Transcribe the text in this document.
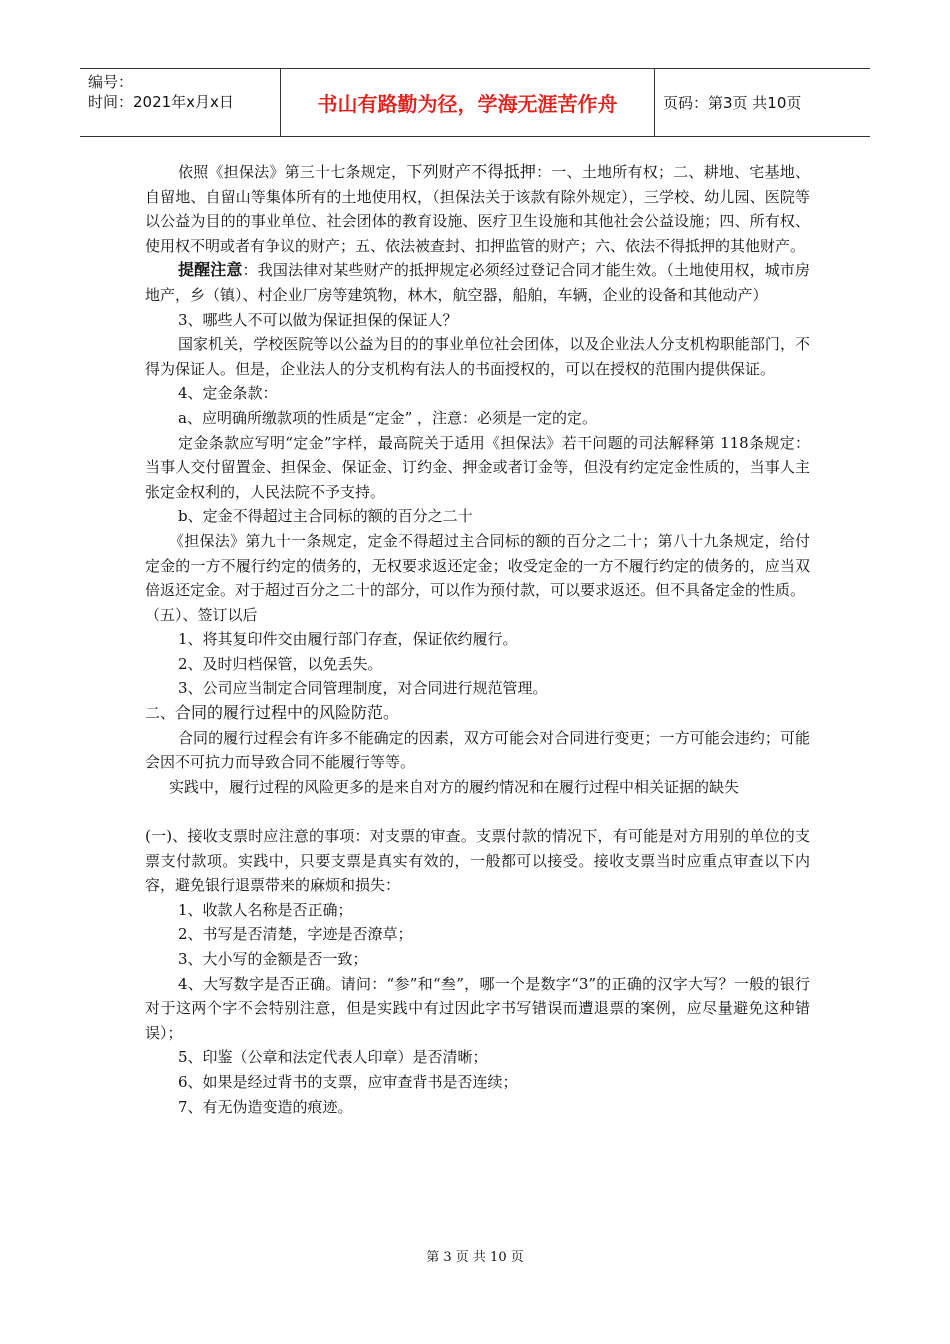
编号：
时间：2021年x月x日	书山有路勤为径，学海无涯苦作舟	页码：第3页 共10页

依照《担保法》第三十七条规定，下列财产不得抵押：一、土地所有权；二、耕地、宅基地、自留地、自留山等集体所有的土地使用权，（担保法关于该款有除外规定），三学校、幼儿园、医院等以公益为目的的事业单位、社会团体的教育设施、医疗卫生设施和其他社会公益设施；四、所有权、使用权不明或者有争议的财产；五、依法被查封、扣押监管的财产；六、依法不得抵押的其他财产。

提醒注意：我国法律对某些财产的抵押规定必须经过登记合同才能生效。（土地使用权，城市房地产，乡（镇）、村企业厂房等建筑物，林木，航空器，船舶，车辆，企业的设备和其他动产）

3、哪些人不可以做为保证担保的保证人？

国家机关，学校医院等以公益为目的的事业单位社会团体，以及企业法人分支机构职能部门，不得为保证人。但是，企业法人的分支机构有法人的书面授权的，可以在授权的范围内提供保证。

4、定金条款：

a、应明确所缴款项的性质是“定金” ，注意：必须是一定的定。

定金条款应写明“定金”字样，最高院关于适用《担保法》若干问题的司法解释第 118条规定：当事人交付留置金、担保金、保证金、订约金、押金或者订金等，但没有约定定金性质的，当事人主张定金权利的，人民法院不予支持。

b、定金不得超过主合同标的额的百分之二十

《担保法》第九十一条规定，定金不得超过主合同标的额的百分之二十；第八十九条规定，给付定金的一方不履行约定的债务的，无权要求返还定金；收受定金的一方不履行约定的债务的，应当双倍返还定金。对于超过百分之二十的部分，可以作为预付款，可以要求返还。但不具备定金的性质。

（五）、签订以后

1、将其复印件交由履行部门存查，保证依约履行。

2、及时归档保管，以免丢失。

3、公司应当制定合同管理制度，对合同进行规范管理。

二、合同的履行过程中的风险防范。

合同的履行过程会有许多不能确定的因素，双方可能会对合同进行变更；一方可能会违约；可能会因不可抗力而导致合同不能履行等等。

实践中，履行过程的风险更多的是来自对方的履约情况和在履行过程中相关证据的缺失

(一)、接收支票时应注意的事项：对支票的审查。支票付款的情况下，有可能是对方用别的单位的支票支付款项。实践中，只要支票是真实有效的，一般都可以接受。接收支票当时应重点审查以下内容，避免银行退票带来的麻烦和损失：

1、收款人名称是否正确；

2、书写是否清楚，字迹是否潦草；

3、大小写的金额是否一致；

4、大写数字是否正确。请问：“参”和“叁”，哪一个是数字“3”的正确的汉字大写？一般的银行对于这两个字不会特别注意，但是实践中有过因此字书写错误而遭退票的案例，应尽量避免这种错误）；

5、印鉴（公章和法定代表人印章）是否清晰；

6、如果是经过背书的支票，应审查背书是否连续；

7、有无伪造变造的痕迹。

第 3 页 共 10 页
